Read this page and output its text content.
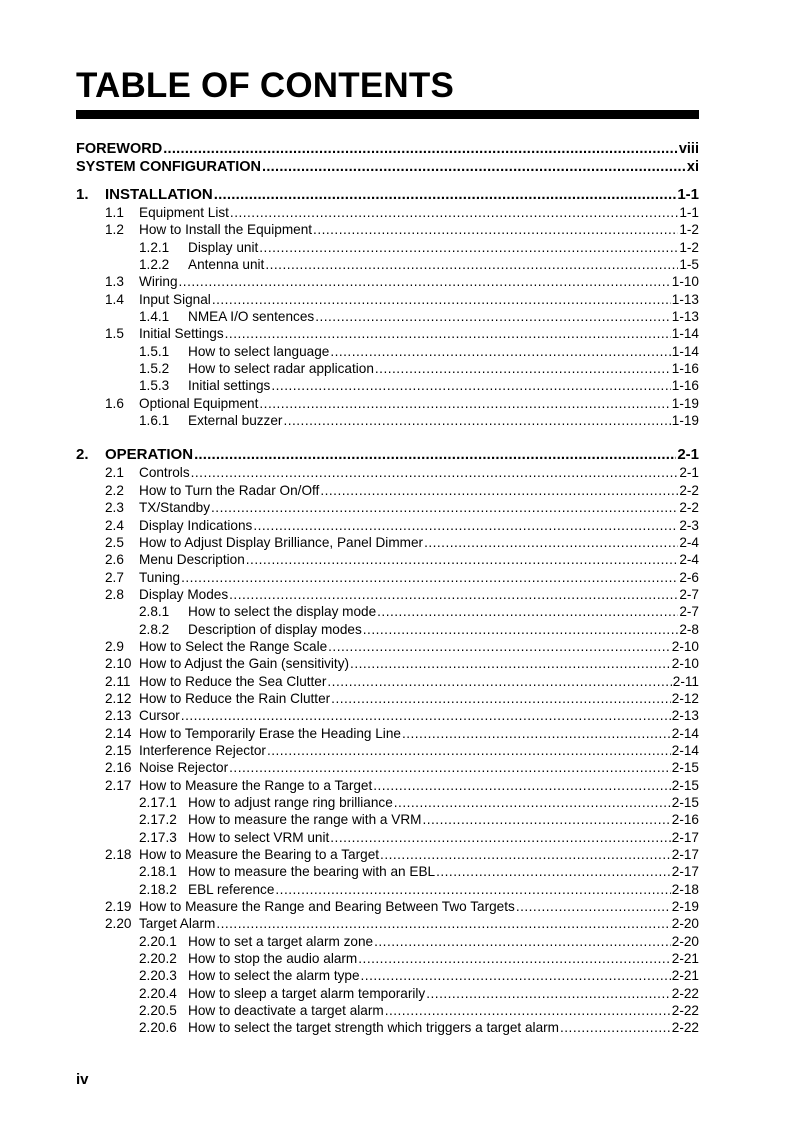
TABLE OF CONTENTS
FOREWORD .....	viii
SYSTEM CONFIGURATION .....	xi
1.	INSTALLATION .....	1-1
1.1	Equipment List .....	1-1
1.2	How to Install the Equipment .....	1-2
1.2.1	Display unit .....	1-2
1.2.2	Antenna unit .....	1-5
1.3	Wiring .....	1-10
1.4	Input Signal .....	1-13
1.4.1	NMEA I/O sentences .....	1-13
1.5	Initial Settings .....	1-14
1.5.1	How to select language .....	1-14
1.5.2	How to select radar application .....	1-16
1.5.3	Initial settings .....	1-16
1.6	Optional Equipment .....	1-19
1.6.1	External buzzer .....	1-19
2.	OPERATION .....	2-1
2.1	Controls .....	2-1
2.2	How to Turn the Radar On/Off .....	2-2
2.3	TX/Standby .....	2-2
2.4	Display Indications .....	2-3
2.5	How to Adjust Display Brilliance, Panel Dimmer .....	2-4
2.6	Menu Description .....	2-4
2.7	Tuning .....	2-6
2.8	Display Modes .....	2-7
2.8.1	How to select the display mode .....	2-7
2.8.2	Description of display modes .....	2-8
2.9	How to Select the Range Scale .....	2-10
2.10 How to Adjust the Gain (sensitivity) .....	2-10
2.11 How to Reduce the Sea Clutter .....	2-11
2.12 How to Reduce the Rain Clutter .....	2-12
2.13 Cursor .....	2-13
2.14 How to Temporarily Erase the Heading Line .....	2-14
2.15 Interference Rejector .....	2-14
2.16 Noise Rejector .....	2-15
2.17 How to Measure the Range to a Target .....	2-15
2.17.1 How to adjust range ring brilliance .....	2-15
2.17.2 How to measure the range with a VRM .....	2-16
2.17.3 How to select VRM unit .....	2-17
2.18 How to Measure the Bearing to a Target .....	2-17
2.18.1 How to measure the bearing with an EBL .....	2-17
2.18.2 EBL reference .....	2-18
2.19 How to Measure the Range and Bearing Between Two Targets .....	2-19
2.20 Target Alarm .....	2-20
2.20.1 How to set a target alarm zone .....	2-20
2.20.2 How to stop the audio alarm .....	2-21
2.20.3 How to select the alarm type .....	2-21
2.20.4 How to sleep a target alarm temporarily .....	2-22
2.20.5 How to deactivate a target alarm .....	2-22
2.20.6 How to select the target strength which triggers a target alarm .....	2-22
iv
